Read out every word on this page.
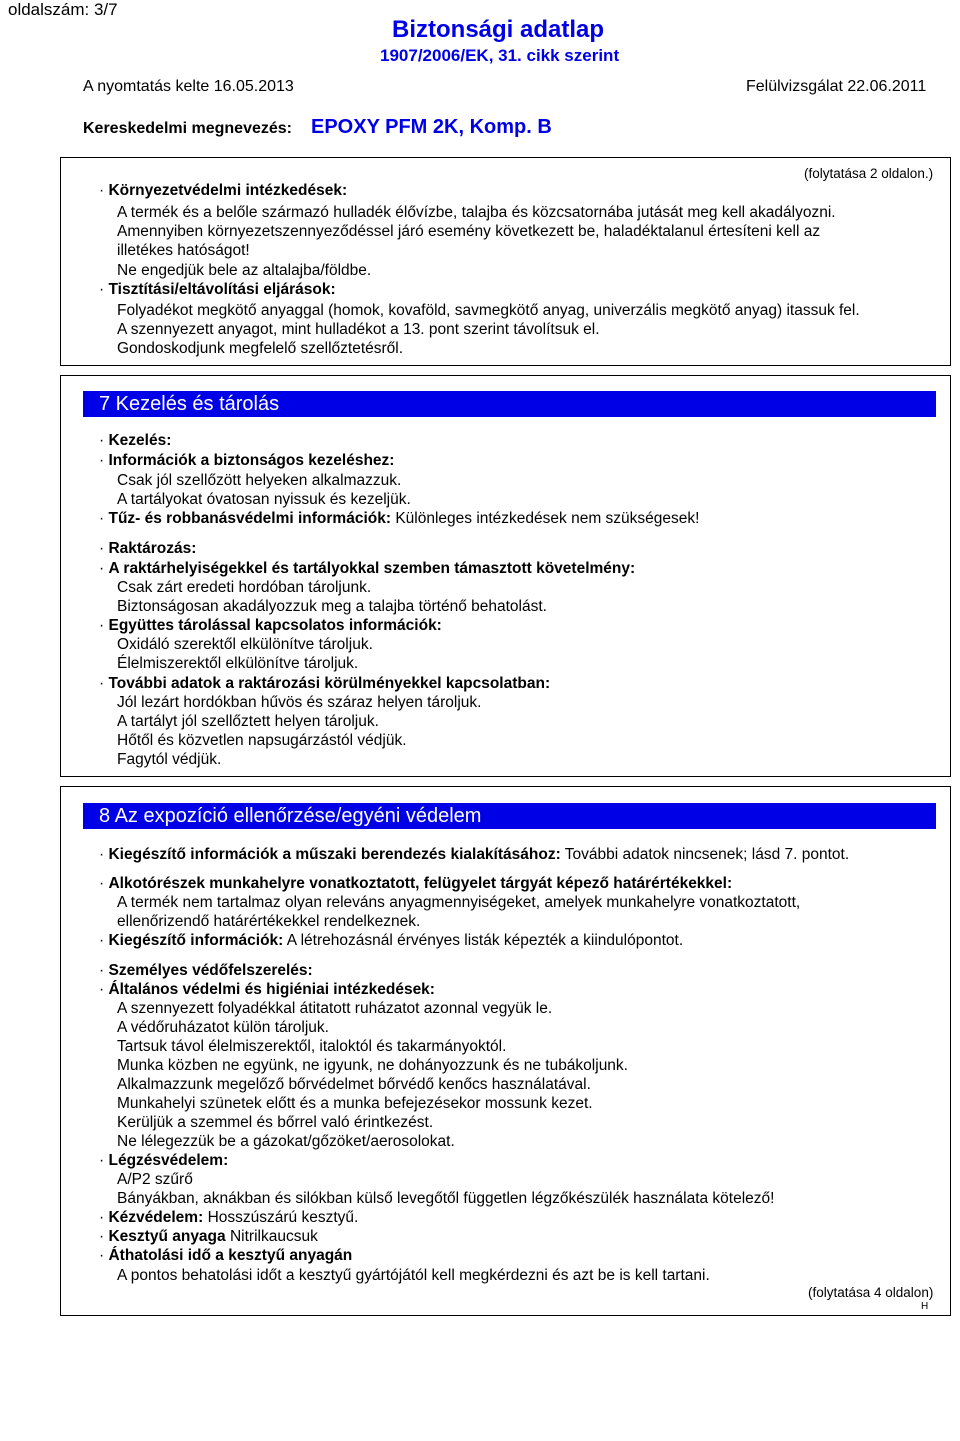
oldalszám: 3/7
Biztonsági adatlap
1907/2006/EK, 31. cikk szerint
A nyomtatás kelte 16.05.2013	Felülvizsgálat 22.06.2011
Kereskedelmi megnevezés: EPOXY PFM 2K, Komp. B
(folytatása 2 oldalon.)
· Környezetvédelmi intézkedések:
A termék és a belőle származó hulladék élővízbe, talajba és közcsatornába jutását meg kell akadályozni.
Amennyiben környezetszennyeződéssel járó esemény következett be, haladéktalanul értesíteni kell az
illetékes hatóságot!
Ne engedjük bele az altalajba/földbe.
· Tisztítási/eltávolítási eljárások:
Folyadékot megkötő anyaggal (homok, kovaföld, savmegkötő anyag, univerzális megkötő anyag) itassuk fel.
A szennyezett anyagot, mint hulladékot a 13. pont szerint távolítsuk el.
Gondoskodjunk megfelelő szellőztetésről.
7 Kezelés és tárolás
· Kezelés:
· Információk a biztonságos kezeléshez:
Csak jól szellőzött helyeken alkalmazzuk.
A tartályokat óvatosan nyissuk és kezeljük.
· Tűz- és robbanásvédelmi információk: Különleges intézkedések nem szükségesek!
· Raktározás:
· A raktárhelyiségekkel és tartályokkal szemben támasztott követelmény:
Csak zárt eredeti hordóban tároljunk.
Biztonságosan akadályozzuk meg a talajba történő behatolást.
· Együttes tárolással kapcsolatos információk:
Oxidáló szerektől elkülönítve tároljuk.
Élelmiszerektől elkülönítve tároljuk.
· További adatok a raktározási körülményekkel kapcsolatban:
Jól lezárt hordókban hűvös és száraz helyen tároljuk.
A tartályt jól szellőztett helyen tároljuk.
Hőtől és közvetlen napsugárzástól védjük.
Fagytól védjük.
8 Az expozíció ellenőrzése/egyéni védelem
· Kiegészítő információk a műszaki berendezés kialakításához: További adatok nincsenek; lásd 7. pontot.
· Alkotórészek munkahelyre vonatkoztatott, felügyelet tárgyát képező határértékekkel:
A termék nem tartalmaz olyan releváns anyagmennyiségeket, amelyek munkahelyre vonatkoztatott,
ellenőrizendő határértékekkel rendelkeznek.
· Kiegészítő információk: A létrehozásnál érvényes listák képezték a kiindulópontot.
· Személyes védőfelszerelés:
· Általános védelmi és higiéniai intézkedések:
A szennyezett folyadékkal átitatott ruházatot azonnal vegyük le.
A védőruházatot külön tároljuk.
Tartsuk távol élelmiszerektől, italoktól és takarmányoktól.
Munka közben ne együnk, ne igyunk, ne dohányozzunk és ne tubákoljunk.
Alkalmazzunk megelőző bőrvédelmet bőrvédő kenőcs használatával.
Munkahelyi szünetek előtt és a munka befejezésekor mossunk kezet.
Kerüljük a szemmel és bőrrel való érintkezést.
Ne lélegezzük be a gázokat/gőzöket/aerosolokat.
· Légzésvédelem:
A/P2 szűrő
Bányákban, aknákban és silókban külső levegőtől független légzőkészülék használata kötelező!
· Kézvédelem: Hosszúszárú kesztyű.
· Kesztyű anyaga Nitrilkaucsuk
· Áthatolási idő a kesztyű anyagán
A pontos behatolási időt a kesztyű gyártójától kell megkérdezni és azt be is kell tartani.
(folytatása 4 oldalon)
H
